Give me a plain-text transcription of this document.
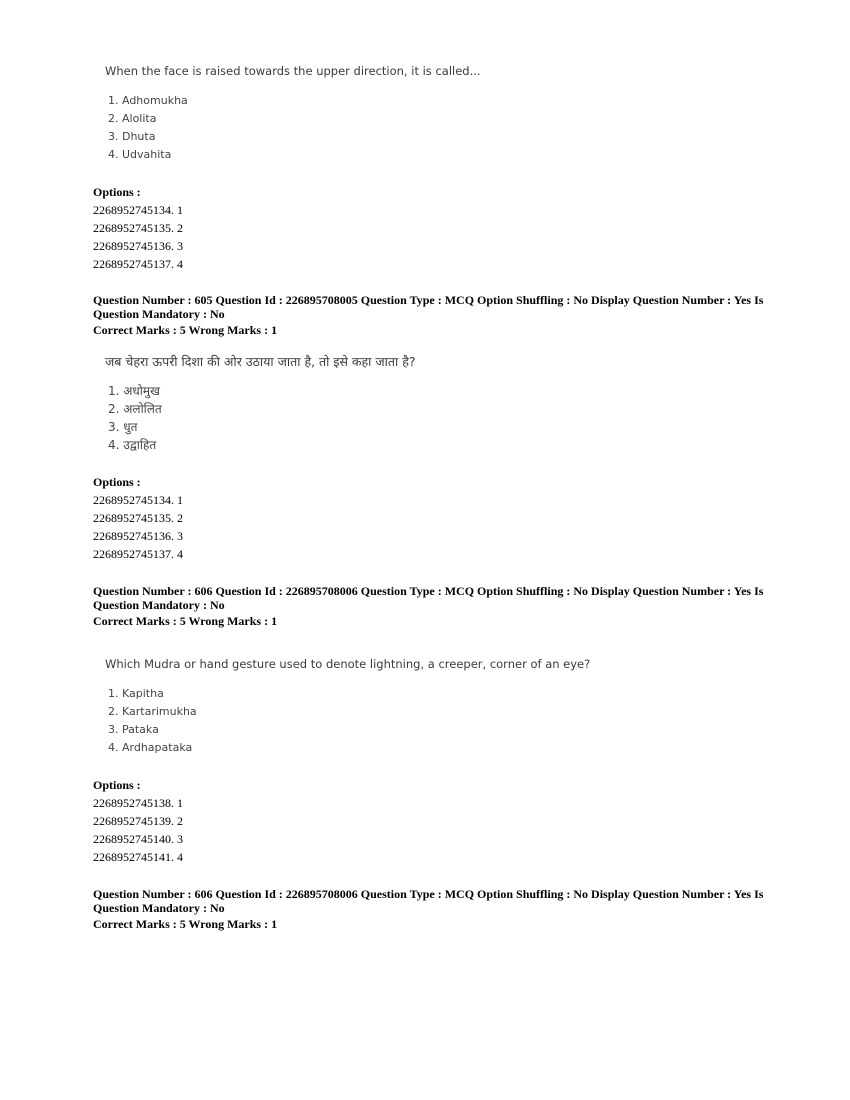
When the face is raised towards the upper direction, it is called...
1. Adhomukha
2. Alolita
3. Dhuta
4. Udvahita
Options :
2268952745134. 1
2268952745135. 2
2268952745136. 3
2268952745137. 4
Question Number : 605 Question Id : 226895708005 Question Type : MCQ Option Shuffling : No Display Question Number : Yes Is Question Mandatory : No
Correct Marks : 5 Wrong Marks : 1
जब चेहरा ऊपरी दिशा की ओर उठाया जाता है, तो इसे कहा जाता है?
1. अधोमुख
2. अलोलित
3. धुत
4. उद्वाहित
Options :
2268952745134. 1
2268952745135. 2
2268952745136. 3
2268952745137. 4
Question Number : 606 Question Id : 226895708006 Question Type : MCQ Option Shuffling : No Display Question Number : Yes Is Question Mandatory : No
Correct Marks : 5 Wrong Marks : 1
Which Mudra or hand gesture used to denote lightning, a creeper, corner of an eye?
1. Kapitha
2. Kartarimukha
3. Pataka
4. Ardhapataka
Options :
2268952745138. 1
2268952745139. 2
2268952745140. 3
2268952745141. 4
Question Number : 606 Question Id : 226895708006 Question Type : MCQ Option Shuffling : No Display Question Number : Yes Is Question Mandatory : No
Correct Marks : 5 Wrong Marks : 1
